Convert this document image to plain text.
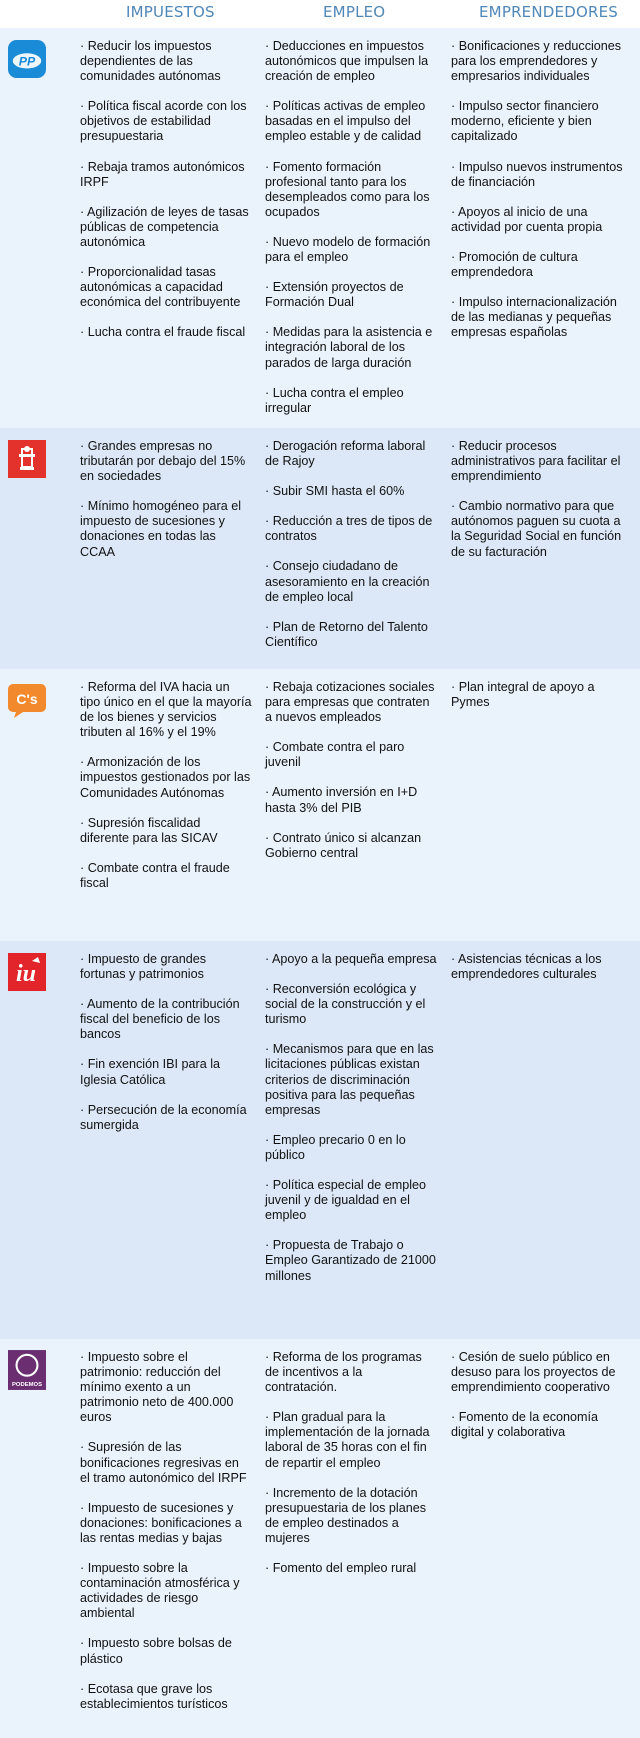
IMPUESTOS	EMPLEO	EMPRENDEDORES
PP

· Reducir los impuestos dependientes de las comunidades autónomas

· Política fiscal acorde con los objetivos de estabilidad presupuestaria

· Rebaja tramos autonómicos IRPF

· Agilización de leyes de tasas públicas de competencia autonómica

· Proporcionalidad tasas autonómicas a capacidad económica del contribuyente

· Lucha contra el fraude fiscal

· Deducciones en impuestos autonómicos que impulsen la creación de empleo

· Políticas activas de empleo basadas en el impulso del empleo estable y de calidad

· Fomento formación profesional tanto para los desempleados como para los ocupados

· Nuevo modelo de formación para el empleo

· Extensión proyectos de Formación Dual

· Medidas para la asistencia e integración laboral de los parados de larga duración

· Lucha contra el empleo irregular

· Bonificaciones y reducciones para los emprendedores y empresarios individuales

· Impulso sector financiero moderno, eficiente y bien capitalizado

· Impulso nuevos instrumentos de financiación

· Apoyos al inicio de una actividad por cuenta propia

· Promoción de cultura emprendedora

· Impulso internacionalización de las medianas y pequeñas empresas españolas

· Grandes empresas no tributarán por debajo del 15% en sociedades

· Mínimo homogéneo para el impuesto de sucesiones y donaciones en todas las CCAA

· Derogación reforma laboral de Rajoy

· Subir SMI hasta el 60%

· Reducción a tres de tipos de contratos

· Consejo ciudadano de asesoramiento en la creación de empleo local

· Plan de Retorno del Talento Científico

· Reducir procesos administrativos para facilitar el emprendimiento

· Cambio normativo para que autónomos paguen su cuota a la Seguridad Social en función de su facturación

C's

· Reforma del IVA hacia un tipo único en el que la mayoría de los bienes y servicios tributen al 16% y el 19%

· Armonización de los impuestos gestionados por las Comunidades Autónomas

· Supresión fiscalidad diferente para las SICAV

· Combate contra el fraude fiscal

· Rebaja cotizaciones sociales para empresas que contraten a nuevos empleados

· Combate contra el paro juvenil

· Aumento inversión en I+D hasta 3% del PIB

· Contrato único si alcanzan Gobierno central

· Plan integral de apoyo a Pymes

iu

· Impuesto de grandes fortunas y patrimonios

· Aumento de la contribución fiscal del beneficio de los bancos

· Fin exención IBI para la Iglesia Católica

· Persecución de la economía sumergida

· Apoyo a la pequeña empresa

· Reconversión ecológica y social de la construcción y el turismo

· Mecanismos para que en las licitaciones públicas existan criterios de discriminación positiva para las pequeñas empresas

· Empleo precario 0 en lo público

· Política especial de empleo juvenil y de igualdad en el empleo

· Propuesta de Trabajo o Empleo Garantizado de 21000 millones

· Asistencias técnicas a los emprendedores culturales

PODEMOS

· Impuesto sobre el patrimonio: reducción del mínimo exento a un patrimonio neto de 400.000 euros

· Supresión de las bonificaciones regresivas en el tramo autonómico del IRPF

· Impuesto de sucesiones y donaciones: bonificaciones a las rentas medias y bajas

· Impuesto sobre la contaminación atmosférica y actividades de riesgo ambiental

· Impuesto sobre bolsas de plástico

· Ecotasa que grave los establecimientos turísticos

· Reforma de los programas de incentivos a la contratación.

· Plan gradual para la implementación de la jornada laboral de 35 horas con el fin de repartir el empleo

· Incremento de la dotación presupuestaria de los planes de empleo destinados a mujeres

· Fomento del empleo rural

· Cesión de suelo público en desuso para los proyectos de emprendimiento cooperativo

· Fomento de la economía digital y colaborativa
